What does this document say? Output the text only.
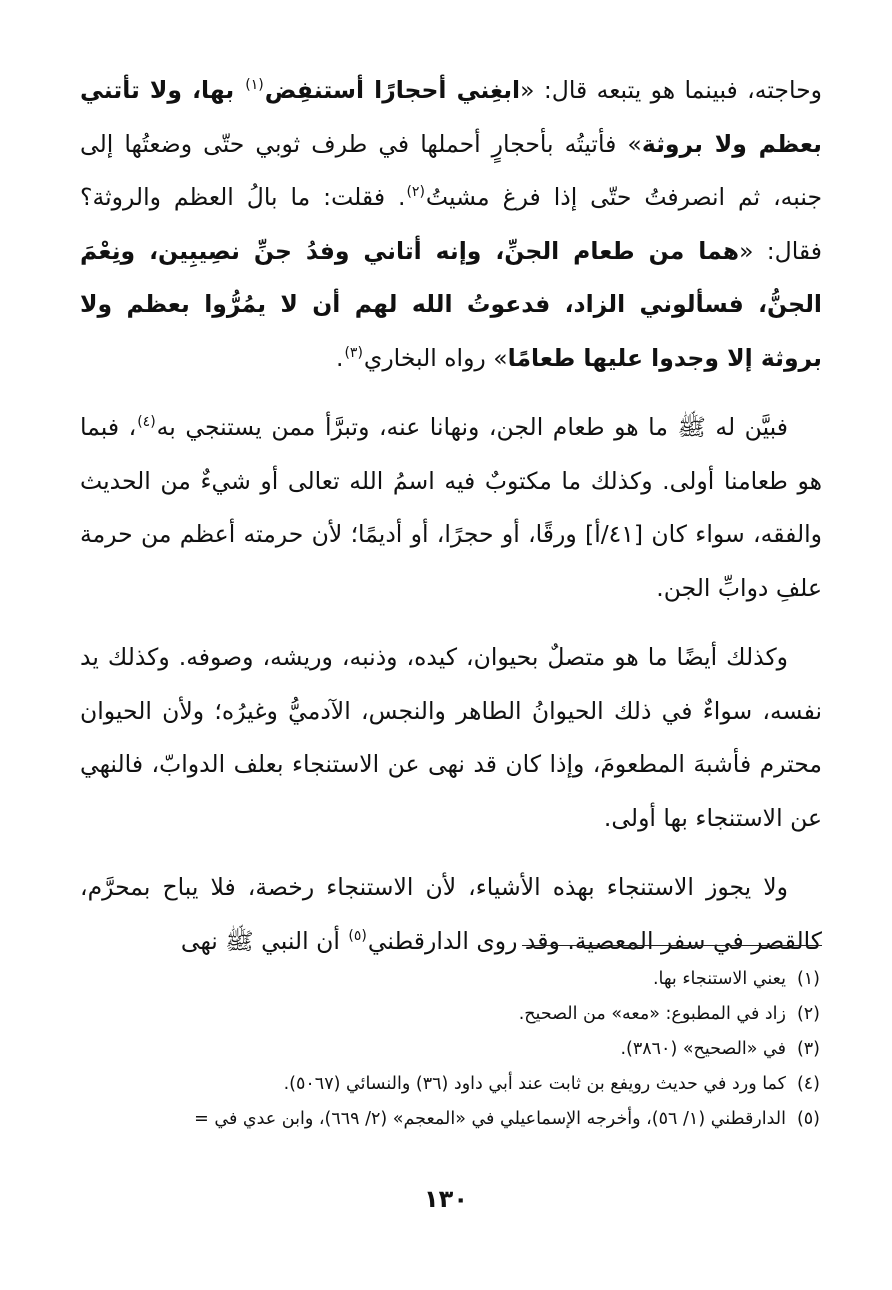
وحاجته، فبينما هو يتبعه قال: «ابغِني أحجارًا أستنفِض$^{(١)}$ بها، ولا تأتني بعظم ولا بروثة» فأتيتُه بأحجارٍ أحملها في طرف ثوبي حتّى وضعتُها إلى جنبه، ثم انصرفتُ حتّى إذا فرغ مشيتُ$^{(٢)}$. فقلت: ما بالُ العظم والروثة؟ فقال: «هما من طعام الجنِّ، وإنه أتاني وفدُ جنِّ نصِيبِين، ونِعْمَ الجنُّ، فسألوني الزاد، فدعوتُ الله لهم أن لا يمُرُّوا بعظم ولا بروثة إلا وجدوا عليها طعامًا» رواه البخاري$^{(٣)}$.

فبيَّن له ﷺ ما هو طعام الجن، ونهانا عنه، وتبرَّأ ممن يستنجي به$^{(٤)}$، فبما هو طعامنا أولى. وكذلك ما مكتوبٌ فيه اسمُ الله تعالى أو شيءٌ من الحديث والفقه، سواء كان [٤١/أ] ورقًا، أو حجرًا، أو أديمًا؛ لأن حرمته أعظم من حرمة علفِ دوابِّ الجن.

وكذلك أيضًا ما هو متصلٌ بحيوان، كيده، وذنبه، وريشه، وصوفه. وكذلك يد نفسه، سواءٌ في ذلك الحيوانُ الطاهر والنجس، الآدميُّ وغيرُه؛ ولأن الحيوان محترم فأشبهَ المطعومَ، وإذا كان قد نهى عن الاستنجاء بعلف الدوابّ، فالنهي عن الاستنجاء بها أولى.

ولا يجوز الاستنجاء بهذه الأشياء، لأن الاستنجاء رخصة، فلا يباح بمحرَّم، كالقصر في سفر المعصية. وقد روى الدارقطني$^{(٥)}$ أن النبي ﷺ نهى

(١)يعني الاستنجاء بها.
(٢)زاد في المطبوع: «معه» من الصحيح.
(٣)في «الصحيح» (٣٨٦٠).
(٤)كما ورد في حديث رويفع بن ثابت عند أبي داود (٣٦) والنسائي (٥٠٦٧).
(٥)الدارقطني (١/ ٥٦)، وأخرجه الإسماعيلي في «المعجم» (٢/ ٦٦٩)، وابن عدي في =
١٣٠
